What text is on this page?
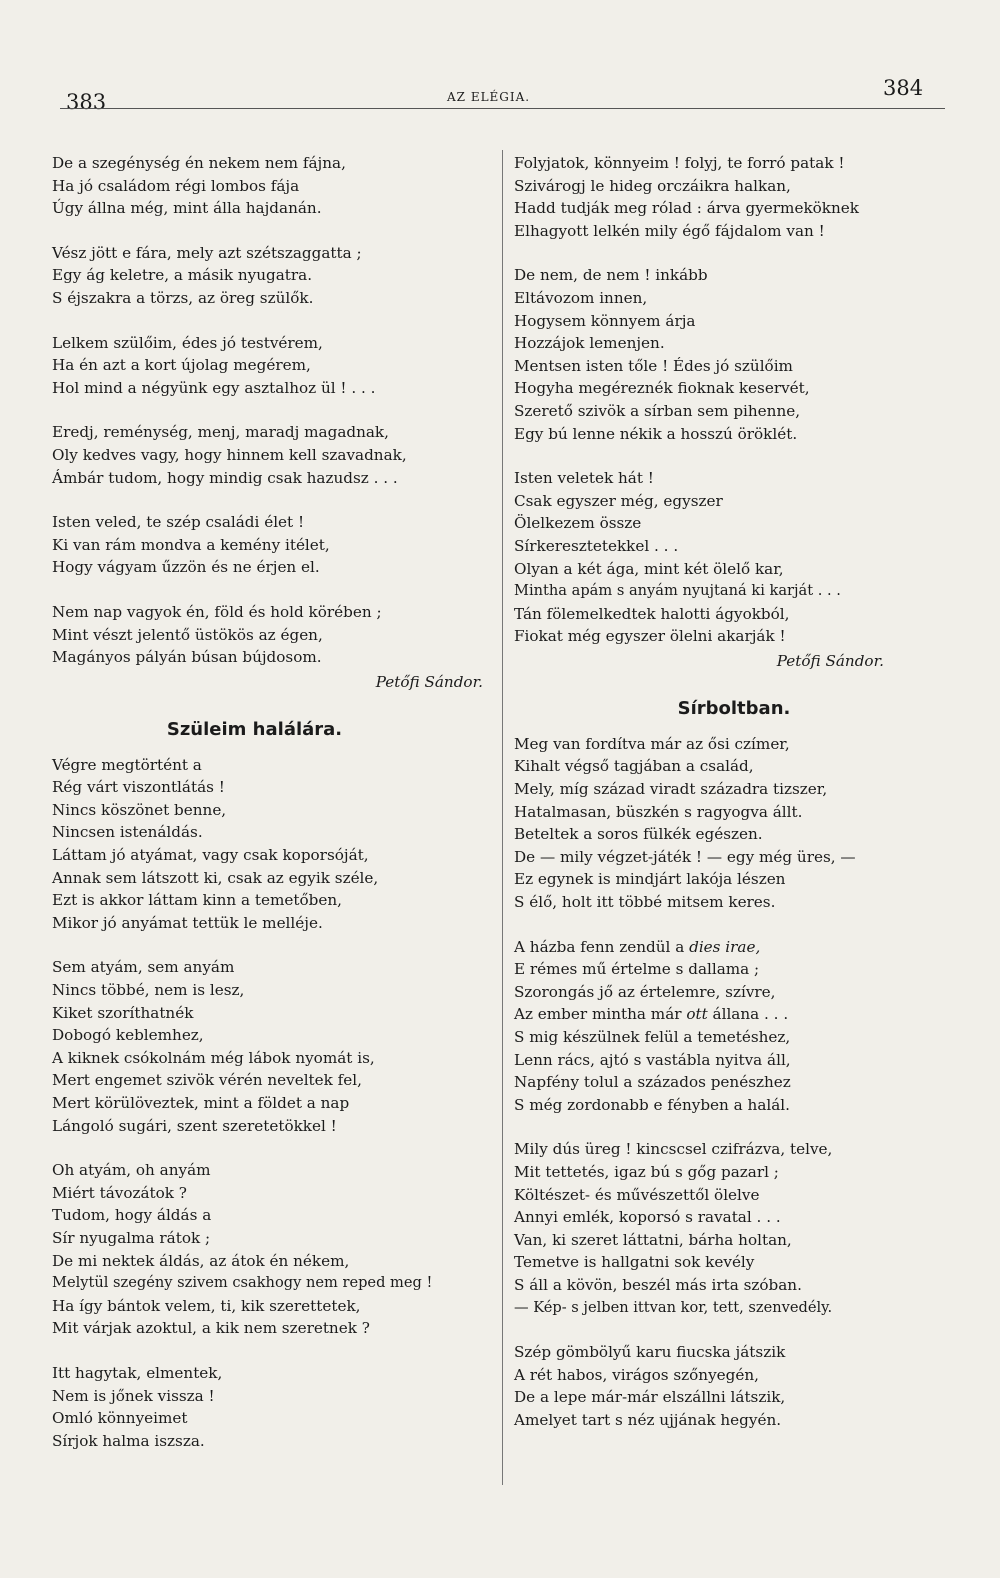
383	AZ ELÉGIA.	384
De a szegénység én nekem nem fájna,
Ha jó családom régi lombos fája
Úgy állna még, mint álla hajdanán.
Vész jött e fára, mely azt szétszaggatta ;
Egy ág keletre, a másik nyugatra.
S éjszakra a törzs, az öreg szülők.
Lelkem szülőim, édes jó testvérem,
Ha én azt a kort újolag megérem,
Hol mind a négyünk egy asztalhoz ül ! . . .
Eredj, reménység, menj, maradj magadnak,
Oly kedves vagy, hogy hinnem kell szavadnak,
Ámbár tudom, hogy mindig csak hazudsz . . .
Isten veled, te szép családi élet !
Ki van rám mondva a kemény itélet,
Hogy vágyam űzzön és ne érjen el.
Nem nap vagyok én, föld és hold körében ;
Mint vészt jelentő üstökös az égen,
Magányos pályán búsan bújdosom.
Petőfi Sándor.
Szüleim halálára.
Végre megtörtént a
Rég várt viszontlátás !
Nincs köszönet benne,
Nincsen istenáldás.
Láttam jó atyámat, vagy csak koporsóját,
Annak sem látszott ki, csak az egyik széle,
Ezt is akkor láttam kinn a temetőben,
Mikor jó anyámat tettük le melléje.
Sem atyám, sem anyám
Nincs többé, nem is lesz,
Kiket szoríthatnék
Dobogó keblemhez,
A kiknek csókolnám még lábok nyomát is,
Mert engemet szivök vérén neveltek fel,
Mert körülöveztek, mint a földet a nap
Lángoló sugári, szent szeretetökkel !
Oh atyám, oh anyám
Miért távozátok ?
Tudom, hogy áldás a
Sír nyugalma rátok ;
De mi nektek áldás, az átok én nékem,
Melytül szegény szivem csakhogy nem reped meg !
Ha így bántok velem, ti, kik szerettetek,
Mit várjak azoktul, a kik nem szeretnek ?
Itt hagytak, elmentek,
Nem is jőnek vissza !
Omló könnyeimet
Sírjok halma iszsza.
Folyjatok, könnyeim ! folyj, te forró patak !
Szivárogj le hideg orczáikra halkan,
Hadd tudják meg rólad : árva gyermeköknek
Elhagyott lelkén mily égő fájdalom van !
De nem, de nem ! inkább
Eltávozom innen,
Hogysem könnyem árja
Hozzájok lemenjen.
Mentsen isten tőle ! Édes jó szülőim
Hogyha megéreznék fioknak keservét,
Szerető szivök a sírban sem pihenne,
Egy bú lenne nékik a hosszú öröklét.
Isten veletek hát !
Csak egyszer még, egyszer
Ölelkezem össze
Sírkeresztetekkel . . .
Olyan a két ága, mint két ölelő kar,
Mintha apám s anyám nyujtaná ki karját . . .
Tán fölemelkedtek halotti ágyokból,
Fiokat még egyszer ölelni akarják !
Petőfi Sándor.
Sírboltban.
Meg van fordítva már az ősi czímer,
Kihalt végső tagjában a család,
Mely, míg század viradt századra tizszer,
Hatalmasan, büszkén s ragyogva állt.
Beteltek a soros fülkék egészen.
De — mily végzet-játék ! — egy még üres, —
Ez egynek is mindjárt lakója lészen
S élő, holt itt többé mitsem keres.
A házba fenn zendül a dies irae,
E rémes mű értelme s dallama ;
Szorongás jő az értelemre, szívre,
Az ember mintha már ott állana . . .
S mig készülnek felül a temetéshez,
Lenn rács, ajtó s vastábla nyitva áll,
Napfény tolul a százados penészhez
S még zordonabb e fényben a halál.
Mily dús üreg ! kincscsel czifrázva, telve,
Mit tettetés, igaz bú s gőg pazarl ;
Költészet- és művészettől ölelve
Annyi emlék, koporsó s ravatal . . .
Van, ki szeret láttatni, bárha holtan,
Temetve is hallgatni sok kevély
S áll a kövön, beszél más irta szóban.
— Kép- s jelben ittvan kor, tett, szenvedély.
Szép gömbölyű karu fiucska játszik
A rét habos, virágos szőnyegén,
De a lepe már-már elszállni látszik,
Amelyet tart s néz ujjának hegyén.
